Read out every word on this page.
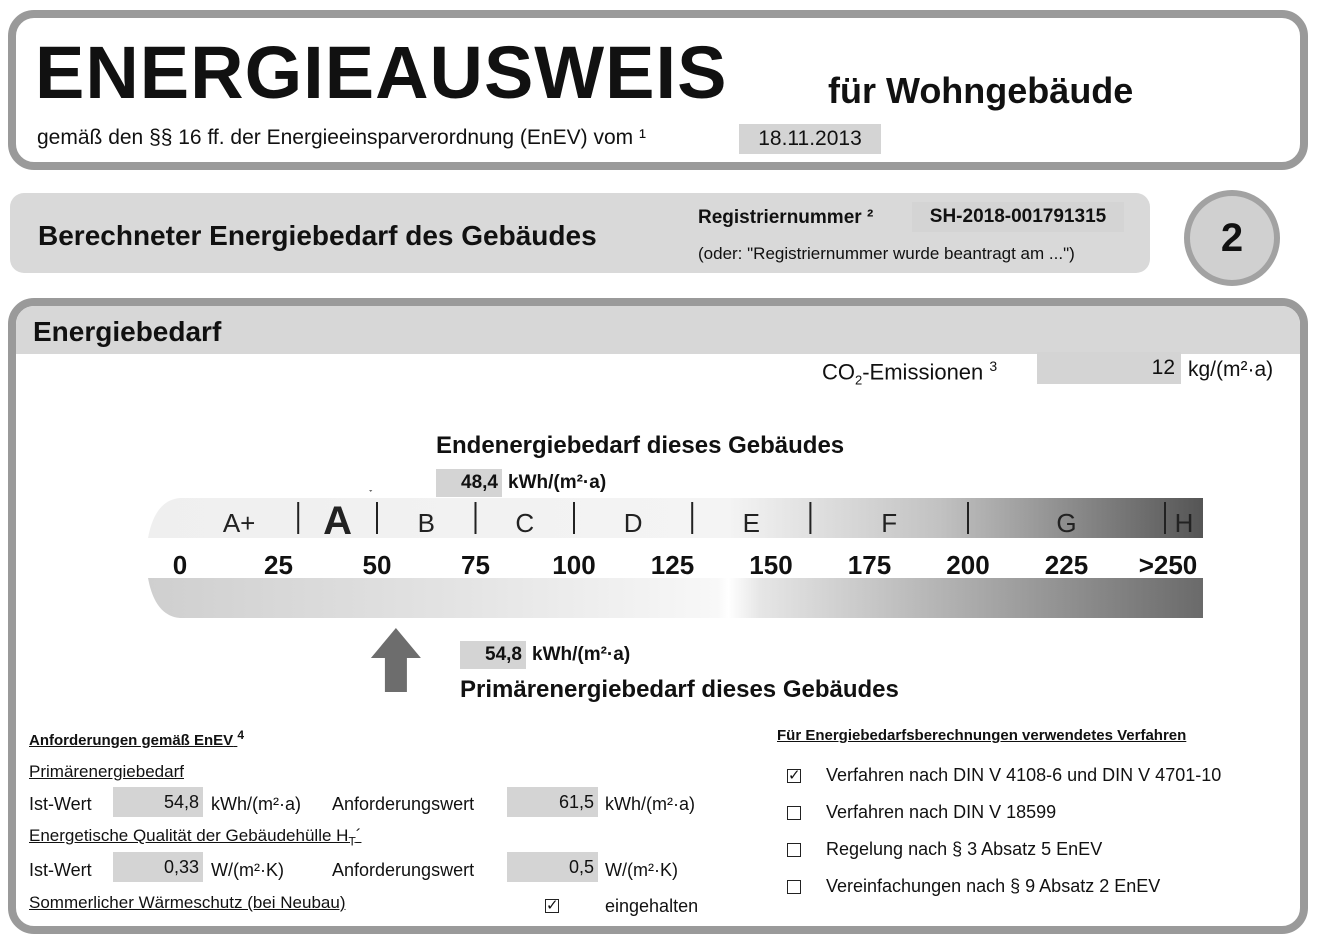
ENERGIEAUSWEIS	für Wohngebäude
gemäß den §§ 16 ff. der Energieeinsparverordnung (EnEV) vom ¹	18.11.2013
Berechneter Energiebedarf des Gebäudes
Registriernummer ²	SH-2018-001791315
(oder: "Registriernummer wurde beantragt am ...")	2
Energiebedarf
$CO_2$-Emissionen $^3$	12 kg/(m²·a)
Endenergiebedarf dieses Gebäudes
48,4 kWh/(m²·a)
A+ A	B	C	D	E	F	G	H
0	25	50	75 100 125 150 175 200 225 >250
54,8 kWh/(m²·a)
Primärenergiebedarf dieses Gebäudes
Anforderungen gemäß EnEV $^4$
Primärenergiebedarf
Ist-Wert	54,8 kWh/(m²·a) Anforderungswert	61,5 kWh/(m²·a)
Energetische Qualität der Gebäudehülle $H_T´$
Ist-Wert	0,33 W/(m²·K)	Anforderungswert	0,5 W/(m²·K)
Sommerlicher Wärmeschutz (bei Neubau)	✓	eingehalten
Für Energiebedarfsberechnungen verwendetes Verfahren
✓ Verfahren nach DIN V 4108-6 und DIN V 4701-10
Verfahren nach DIN V 18599
Regelung nach § 3 Absatz 5 EnEV
Vereinfachungen nach § 9 Absatz 2 EnEV
